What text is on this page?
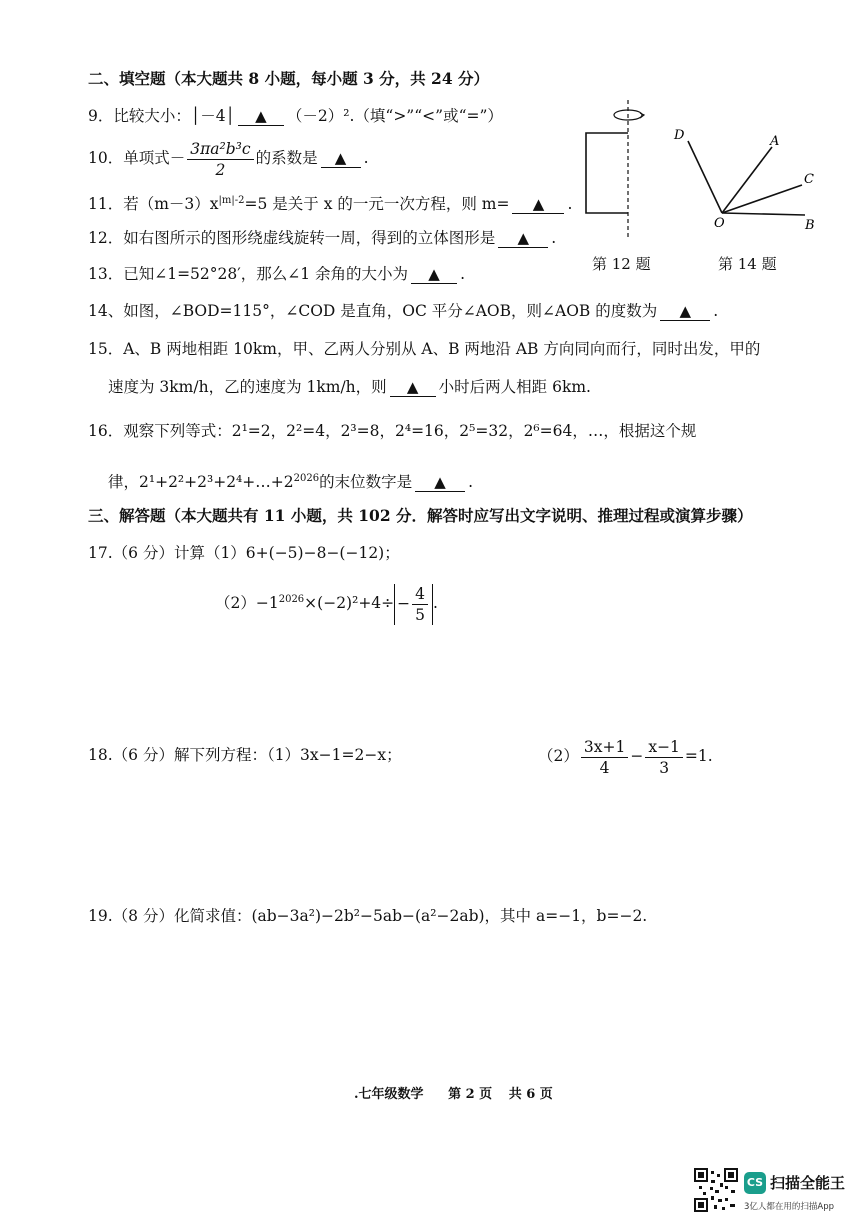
二、填空题（本大题共 8 小题，每小题 3 分，共 24 分）
9．比较大小：│－4│ ▲ （－2）².（填“>”“<”或“=”）
10．单项式－ $\frac{\text{3πa²b³c}}{2}$ 的系数是 ▲ .
11．若$(m-3)x^{|m|-2}=5$ 是关于 x 的一元一次方程，则 m= ▲ .
12．如右图所示的图形绕虚线旋转一周，得到的立体图形是 ▲ .
13．已知∠1=52°28′，那么∠1 余角的大小为 ▲ .
14、如图，∠BOD=115°，∠COD 是直角，OC 平分∠AOB，则∠AOB 的度数为 ▲ .
15．A、B 两地相距 10km，甲、乙两人分别从 A、B 两地沿 AB 方向同向而行，同时出发，甲的
速度为 3km/h，乙的速度为 1km/h，则 ▲ 小时后两人相距 6km.
16．观察下列等式：2¹=2，2²=4，2³=8，2⁴=16，2⁵=32，2⁶=64，…，根据这个规
律，$2^1+2^2+2^3+2^4+\dots+2^{2026}$的末位数字是 ▲ .
三、解答题（本大题共有 11 小题，共 102 分．解答时应写出文字说明、推理过程或演算步骤）
17.（6 分）计算（1）6+(−5)−8−(−12)；
$(2)-1^{2026}\times(-2)^2+4\div - \frac{4}{5}$ .
18.（6 分）解下列方程：（1）3x−1=2−x；	$(2) \frac{3x+1}{4} - \frac{x-1}{3} =1$.
19.（8 分）化简求值：(ab−3a²)−2b²−5ab−(a²−2ab)，其中 a=−1，b=−2.
D	A
C
O	B
第 12 题	第 14 题
.七年级数学 第 2 页 共 6 页
CS 扫描全能王
3亿人都在用的扫描App
